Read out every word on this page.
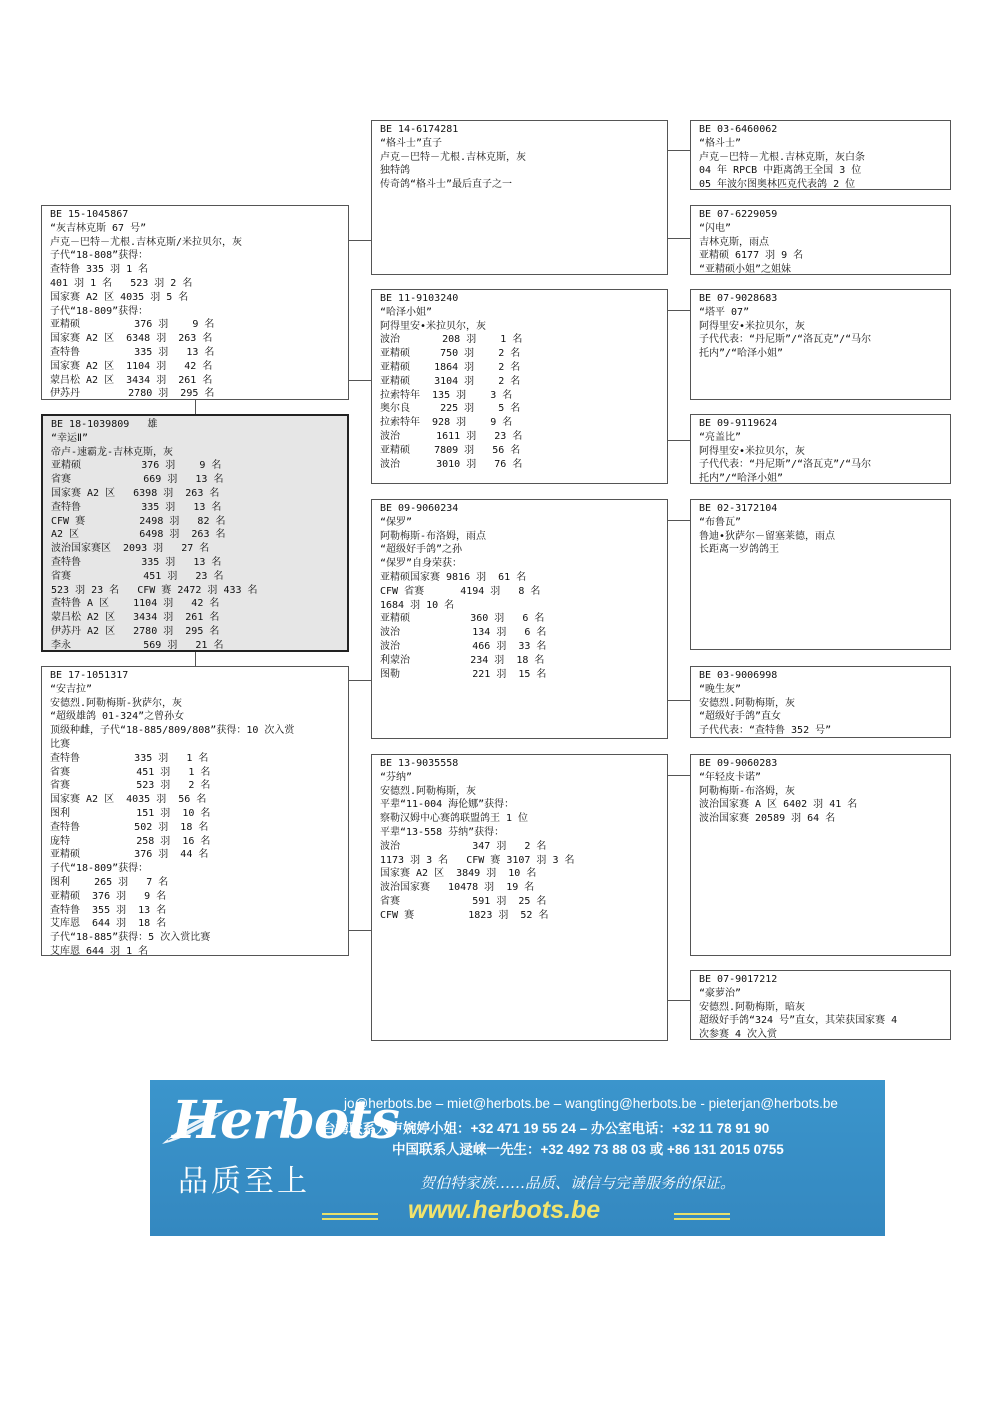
BE 03-6460062
“格斗士”
卢克－巴特－尤根.吉林克斯，灰白条
04 年 RPCB 中距离鸽王全国 3 位
05 年波尔图奥林匹克代表鸽 2 位
BE 07-6229059
“闪电”
吉林克斯，雨点
亚精硕 6177 羽 9 名
“亚精硕小姐”之姐妹
BE 07-9028683
“塔平 07”
阿得里安•米拉贝尔，灰
子代代表：“丹尼斯”/“洛瓦克”/“马尔
托内”/“哈泽小姐”
BE 09-9119624
“亮盖比”
阿得里安•米拉贝尔，灰
子代代表：“丹尼斯”/“洛瓦克”/“马尔
托内”/“哈泽小姐”
BE 02-3172104
“布鲁瓦”
鲁迪•狄萨尔－留塞莱德，雨点
长距离一岁鸽鸽王
BE 03-9006998
“晚生灰”
安德烈.阿勒梅斯，灰
“超级好手鸽”直女
子代代表：“查特鲁 352 号”
BE 09-9060283
“年轻皮卡诺”
阿勒梅斯-布洛姆，灰
波治国家赛 A 区 6402 羽 41 名
波治国家赛 20589 羽 64 名
BE 07-9017212
“豪萝治”
安德烈.阿勒梅斯，暗灰
超级好手鸽“324 号”直女，其荣获国家赛 4
次参赛 4 次入赏
BE 14-6174281
“格斗士”直子
卢克－巴特－尤根.吉林克斯，灰
独特鸽
传奇鸽“格斗士”最后直子之一
BE 11-9103240
“哈泽小姐”
阿得里安•米拉贝尔，灰
波治       208 羽    1 名
亚精硕     750 羽    2 名
亚精硕    1864 羽    2 名
亚精硕    3104 羽    2 名
拉索特年  135 羽    3 名
奥尔良     225 羽    5 名
拉索特年  928 羽    9 名
波治      1611 羽   23 名
亚精硕    7809 羽   56 名
波治      3010 羽   76 名
BE 09-9060234
“保罗”
阿勒梅斯-布洛姆，雨点
“超级好手鸽”之孙
“保罗”自身荣获：
亚精硕国家赛 9816 羽  61 名
CFW 省赛      4194 羽   8 名
1684 羽 10 名
亚精硕          360 羽   6 名
波治            134 羽   6 名
波治            466 羽  33 名
利蒙治          234 羽  18 名
图勒            221 羽  15 名
BE 13-9035558
“芬纳”
安德烈.阿勒梅斯，灰
平辈“11-004 海伦娜”获得：
察勒汉姆中心赛鸽联盟鸽王 1 位
平辈“13-558 芬纳”获得：
波治            347 羽   2 名
1173 羽 3 名   CFW 赛 3107 羽 3 名
国家赛 A2 区  3849 羽  10 名
波治国家赛   10478 羽  19 名
省赛            591 羽  25 名
CFW 赛         1823 羽  52 名
BE 15-1045867
“灰吉林克斯 67 号”
卢克－巴特－尤根.吉林克斯/米拉贝尔，灰
子代“18-808”获得：
查特鲁 335 羽 1 名
401 羽 1 名   523 羽 2 名
国家赛 A2 区 4035 羽 5 名
子代“18-809”获得：
亚精硕         376 羽    9 名
国家赛 A2 区  6348 羽  263 名
查特鲁         335 羽   13 名
国家赛 A2 区  1104 羽   42 名
蒙吕松 A2 区  3434 羽  261 名
伊苏丹        2780 羽  295 名
BE 17-1051317
“安吉拉”
安德烈.阿勒梅斯-狄萨尔，灰
“超级雄鸽 01-324”之曾孙女
顶级种雌，子代“18-885/809/808”获得：10 次入赏
比赛
查特鲁         335 羽   1 名
省赛           451 羽   1 名
省赛           523 羽   2 名
国家赛 A2 区  4035 羽  56 名
图利           151 羽  10 名
查特鲁         502 羽  18 名
庞特           258 羽  16 名
亚精硕         376 羽  44 名
子代“18-809”获得：
图利    265 羽   7 名
亚精硕  376 羽   9 名
查特鲁  355 羽  13 名
艾库恩  644 羽  18 名
子代“18-885”获得：5 次入赏比赛
艾库恩 644 羽 1 名
BE 18-1039809   雄
“幸运Ⅱ”
帝卢-速霸龙-吉林克斯，灰
亚精硕          376 羽    9 名
省赛            669 羽   13 名
国家赛 A2 区   6398 羽  263 名
查特鲁          335 羽   13 名
CFW 赛         2498 羽   82 名
A2 区          6498 羽  263 名
波治国家赛区  2093 羽   27 名
查特鲁          335 羽   13 名
省赛            451 羽   23 名
523 羽 23 名   CFW 赛 2472 羽 433 名
查特鲁 A 区    1104 羽   42 名
蒙吕松 A2 区   3434 羽  261 名
伊苏丹 A2 区   2780 羽  295 名
李永            569 羽   21 名
Herbots
品质至上
jo@herbots.be – miet@herbots.be – wangting@herbots.be - pieterjan@herbots.be
台湾联系人卢婉婷小姐：+32 471 19 55 24 – 办公室电话：+32 11 78 91 90
中国联系人逯崃一先生：+32 492 73 88 03 或 +86 131 2015 0755
贺伯特家族……品质、诚信与完善服务的保证。
www.herbots.be
